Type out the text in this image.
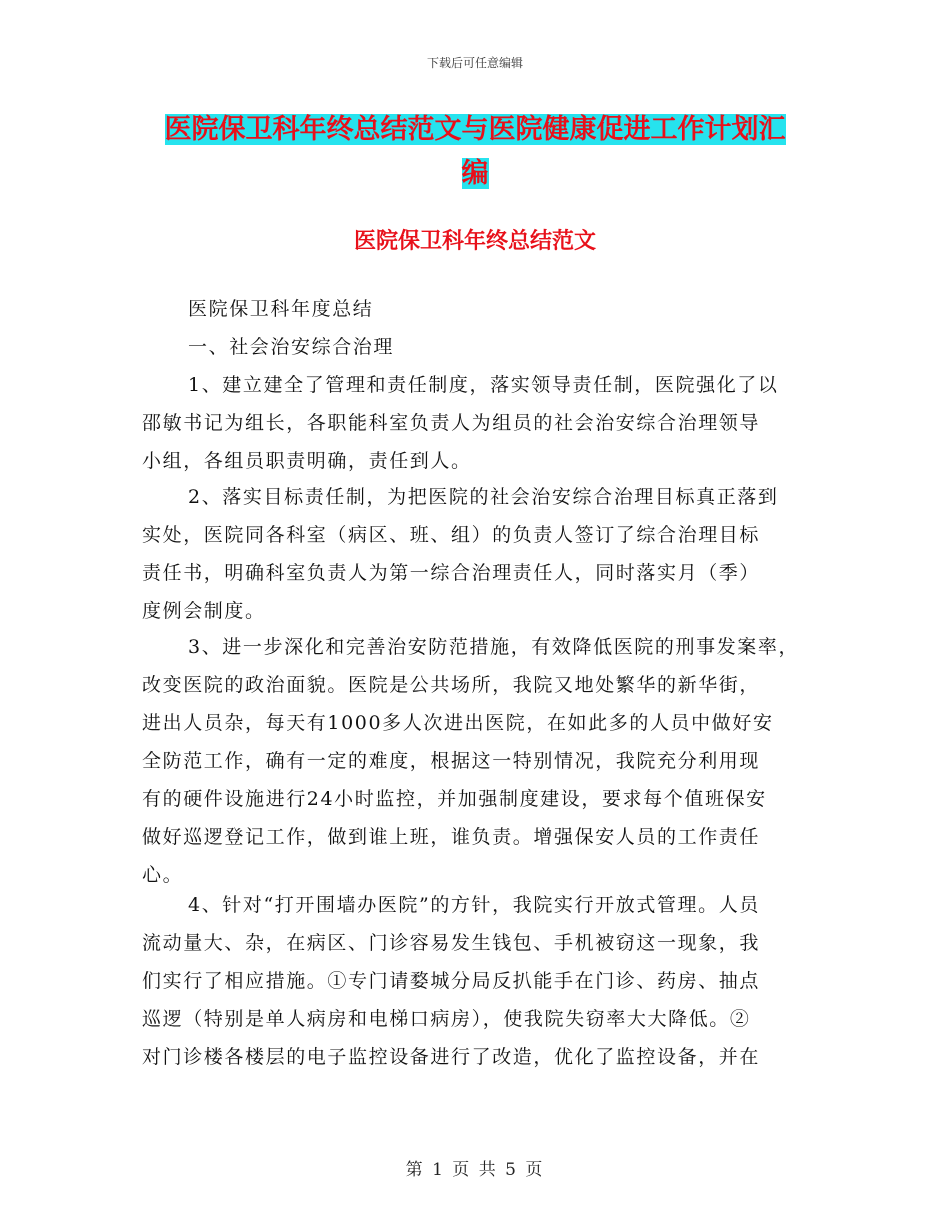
下载后可任意编辑
医院保卫科年终总结范文与医院健康促进工作计划汇
编
医院保卫科年终总结范文
医院保卫科年度总结
一、社会治安综合治理
1、建立建全了管理和责任制度，落实领导责任制，医院强化了以
邵敏书记为组长，各职能科室负责人为组员的社会治安综合治理领导
小组，各组员职责明确，责任到人。
2、落实目标责任制，为把医院的社会治安综合治理目标真正落到
实处，医院同各科室（病区、班、组）的负责人签订了综合治理目标
责任书，明确科室负责人为第一综合治理责任人，同时落实月（季）
度例会制度。
3、进一步深化和完善治安防范措施，有效降低医院的刑事发案率，
改变医院的政治面貌。医院是公共场所，我院又地处繁华的新华街，
进出人员杂，每天有1000多人次进出医院，在如此多的人员中做好安
全防范工作，确有一定的难度，根据这一特别情况，我院充分利用现
有的硬件设施进行24小时监控，并加强制度建设，要求每个值班保安
做好巡逻登记工作，做到谁上班，谁负责。增强保安人员的工作责任
心。
4、针对“打开围墙办医院”的方针，我院实行开放式管理。人员
流动量大、杂，在病区、门诊容易发生钱包、手机被窃这一现象，我
们实行了相应措施。①专门请婺城分局反扒能手在门诊、药房、抽点
巡逻（特别是单人病房和电梯口病房），使我院失窃率大大降低。②
对门诊楼各楼层的电子监控设备进行了改造，优化了监控设备，并在
第 1 页 共 5 页
